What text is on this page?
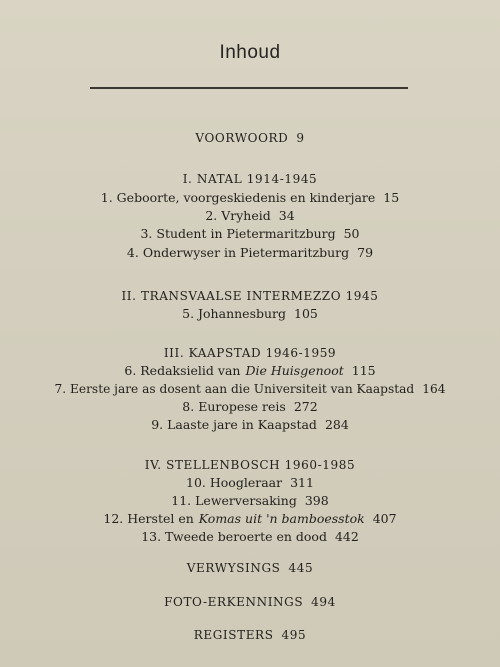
Inhoud
VOORWOORD 9
I. NATAL 1914-1945
1. Geboorte, voorgeskiedenis en kinderjare 15
2. Vryheid 34
3. Student in Pietermaritzburg 50
4. Onderwyser in Pietermaritzburg 79
II. TRANSVAALSE INTERMEZZO 1945
5. Johannesburg 105
III. KAAPSTAD 1946-1959
6. Redaksielid van Die Huisgenoot 115
7. Eerste jare as dosent aan die Universiteit van Kaapstad 164
8. Europese reis 272
9. Laaste jare in Kaapstad 284
IV. STELLENBOSCH 1960-1985
10. Hoogleraar 311
11. Lewerversaking 398
12. Herstel en Komas uit 'n bamboesstok 407
13. Tweede beroerte en dood 442
VERWYSINGS 445
FOTO-ERKENNINGS 494
REGISTERS 495
